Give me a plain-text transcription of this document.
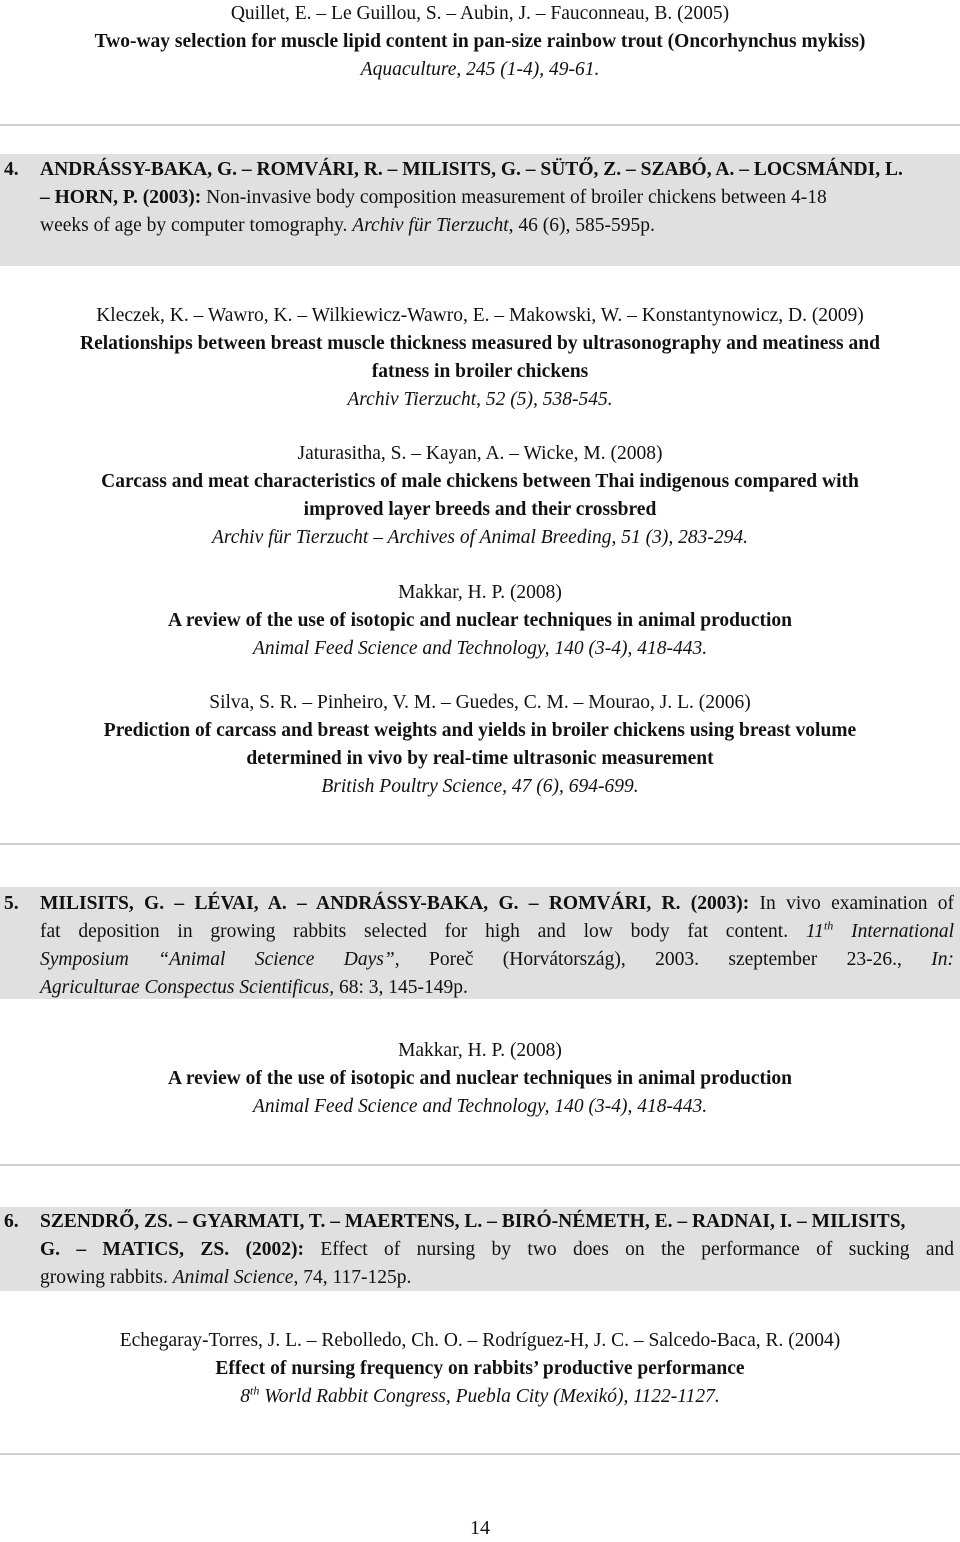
Quillet, E. – Le Guillou, S. – Aubin, J. – Fauconneau, B. (2005)
Two-way selection for muscle lipid content in pan-size rainbow trout (Oncorhynchus mykiss)
Aquaculture, 245 (1-4), 49-61.
4. ANDRÁSSY-BAKA, G. – ROMVÁRI, R. – MILISITS, G. – SÜTŐ, Z. – SZABÓ, A. – LOCSMÁNDI, L.
– HORN, P. (2003): Non-invasive body composition measurement of broiler chickens between 4-18
weeks of age by computer tomography. Archiv für Tierzucht, 46 (6), 585-595p.
Kleczek, K. – Wawro, K. – Wilkiewicz-Wawro, E. – Makowski, W. – Konstantynowicz, D. (2009)
Relationships between breast muscle thickness measured by ultrasonography and meatiness and
fatness in broiler chickens
Archiv Tierzucht, 52 (5), 538-545.
Jaturasitha, S. – Kayan, A. – Wicke, M. (2008)
Carcass and meat characteristics of male chickens between Thai indigenous compared with
improved layer breeds and their crossbred
Archiv für Tierzucht – Archives of Animal Breeding, 51 (3), 283-294.
Makkar, H. P. (2008)
A review of the use of isotopic and nuclear techniques in animal production
Animal Feed Science and Technology, 140 (3-4), 418-443.
Silva, S. R. – Pinheiro, V. M. – Guedes, C. M. – Mourao, J. L. (2006)
Prediction of carcass and breast weights and yields in broiler chickens using breast volume
determined in vivo by real-time ultrasonic measurement
British Poultry Science, 47 (6), 694-699.
5. MILISITS, G. – LÉVAI, A. – ANDRÁSSY-BAKA, G. – ROMVÁRI, R. (2003): In vivo examination of
fat deposition in growing rabbits selected for high and low body fat content. 11th International
Symposium “Animal Science Days”, Poreč (Horvátország), 2003. szeptember 23-26., In:
Agriculturae Conspectus Scientificus, 68: 3, 145-149p.
Makkar, H. P. (2008)
A review of the use of isotopic and nuclear techniques in animal production
Animal Feed Science and Technology, 140 (3-4), 418-443.
6. SZENDRŐ, ZS. – GYARMATI, T. – MAERTENS, L. – BIRÓ-NÉMETH, E. – RADNAI, I. – MILISITS,
G. – MATICS, ZS. (2002): Effect of nursing by two does on the performance of sucking and
growing rabbits. Animal Science, 74, 117-125p.
Echegaray-Torres, J. L. – Rebolledo, Ch. O. – Rodríguez-H, J. C. – Salcedo-Baca, R. (2004)
Effect of nursing frequency on rabbits’ productive performance
8th World Rabbit Congress, Puebla City (Mexikó), 1122-1127.
14
